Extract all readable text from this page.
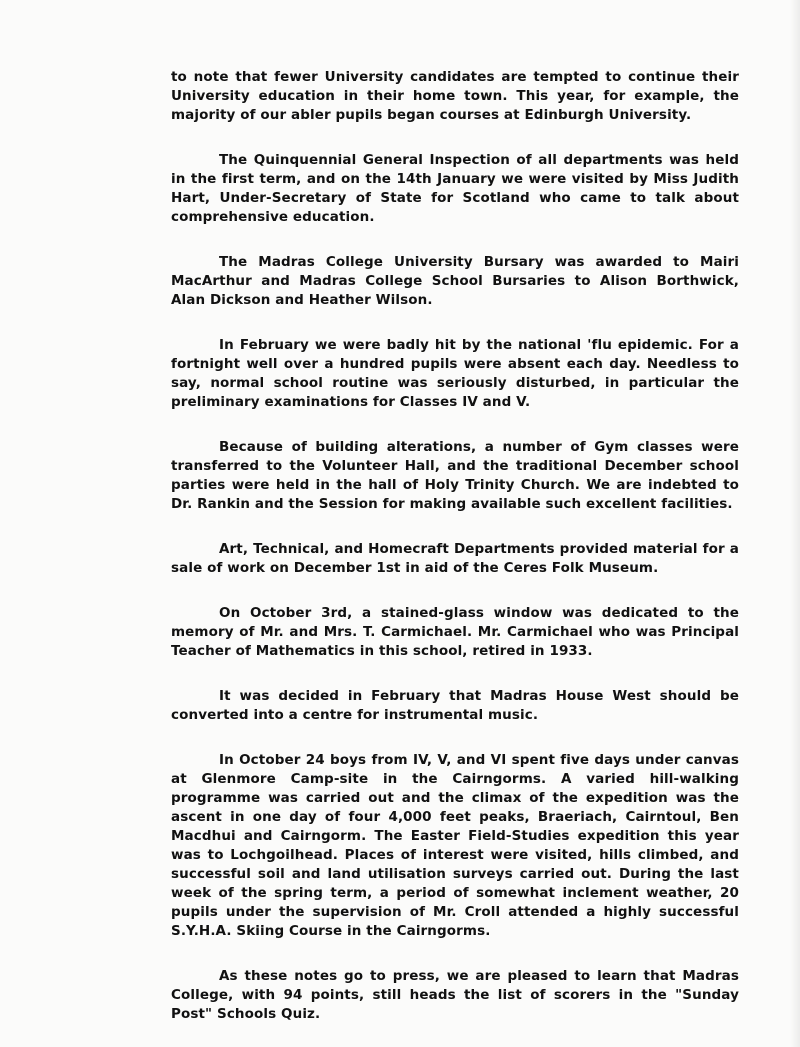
to note that fewer University candidates are tempted to continue their University education in their home town. This year, for example, the majority of our abler pupils began courses at Edinburgh University.

The Quinquennial General Inspection of all departments was held in the first term, and on the 14th January we were visited by Miss Judith Hart, Under-Secretary of State for Scotland who came to talk about comprehensive education.

The Madras College University Bursary was awarded to Mairi MacArthur and Madras College School Bursaries to Alison Borthwick, Alan Dickson and Heather Wilson.

In February we were badly hit by the national 'flu epidemic. For a fortnight well over a hundred pupils were absent each day. Needless to say, normal school routine was seriously disturbed, in particular the preliminary examinations for Classes IV and V.

Because of building alterations, a number of Gym classes were transferred to the Volunteer Hall, and the traditional December school parties were held in the hall of Holy Trinity Church. We are indebted to Dr. Rankin and the Session for making available such excellent facilities.

Art, Technical, and Homecraft Departments provided material for a sale of work on December 1st in aid of the Ceres Folk Museum.

On October 3rd, a stained-glass window was dedicated to the memory of Mr. and Mrs. T. Carmichael. Mr. Carmichael who was Principal Teacher of Mathematics in this school, retired in 1933.

It was decided in February that Madras House West should be converted into a centre for instrumental music.

In October 24 boys from IV, V, and VI spent five days under canvas at Glenmore Camp-site in the Cairngorms. A varied hill-walking programme was carried out and the climax of the expedition was the ascent in one day of four 4,000 feet peaks, Braeriach, Cairntoul, Ben Macdhui and Cairngorm. The Easter Field-Studies expedition this year was to Lochgoilhead. Places of interest were visited, hills climbed, and successful soil and land utilisation surveys carried out. During the last week of the spring term, a period of somewhat inclement weather, 20 pupils under the supervision of Mr. Croll attended a highly successful S.Y.H.A. Skiing Course in the Cairngorms.

As these notes go to press, we are pleased to learn that Madras College, with 94 points, still heads the list of scorers in the "Sunday Post" Schools Quiz.
